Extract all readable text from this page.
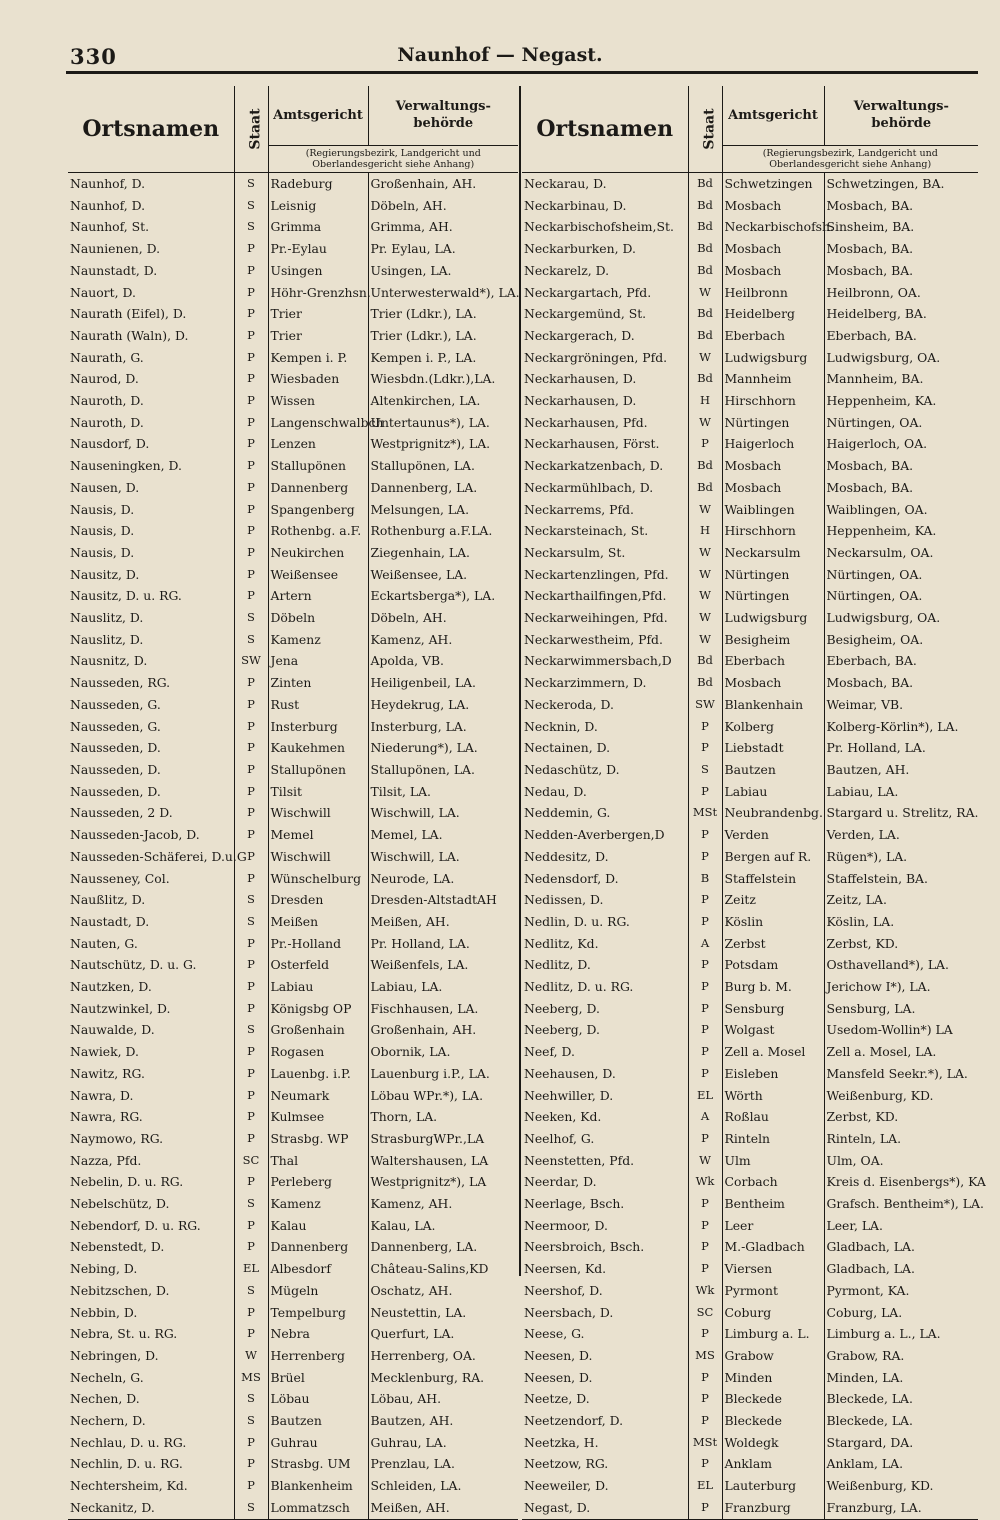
330	Naunhof — Negast.
Ortsnamen	Staat	Amtsgericht	
Verwaltungs-
behörde

(Regierungsbezirk, Landgericht und Oberlandesgericht siehe Anhang)
Naunhof, D.	S	Radeburg	Großenhain, AH.
Naunhof, D.	S	Leisnig	Döbeln, AH.
Naunhof, St.	S	Grimma	Grimma, AH.
Naunienen, D.	P	Pr.-Eylau	Pr. Eylau, LA.
Naunstadt, D.	P	Usingen	Usingen, LA.
Nauort, D.	P	Höhr-Grenzhsn.	Unterwesterwald*), LA.
Naurath (Eifel), D.	P	Trier	Trier (Ldkr.), LA.
Naurath (Waln), D.	P	Trier	Trier (Ldkr.), LA.
Naurath, G.	P	Kempen i. P.	Kempen i. P., LA.
Naurod, D.	P	Wiesbaden	Wiesbdn.(Ldkr.),LA.
Nauroth, D.	P	Wissen	Altenkirchen, LA.
Nauroth, D.	P	Langenschwalbch	Untertaunus*), LA.
Nausdorf, D.	P	Lenzen	Westprignitz*), LA.
Nauseningken, D.	P	Stallupönen	Stallupönen, LA.
Nausen, D.	P	Dannenberg	Dannenberg, LA.
Nausis, D.	P	Spangenberg	Melsungen, LA.
Nausis, D.	P	Rothenbg. a.F.	Rothenburg a.F.LA.
Nausis, D.	P	Neukirchen	Ziegenhain, LA.
Nausitz, D.	P	Weißensee	Weißensee, LA.
Nausitz, D. u. RG.	P	Artern	Eckartsberga*), LA.
Nauslitz, D.	S	Döbeln	Döbeln, AH.
Nauslitz, D.	S	Kamenz	Kamenz, AH.
Nausnitz, D.	SW	Jena	Apolda, VB.
Nausseden, RG.	P	Zinten	Heiligenbeil, LA.
Nausseden, G.	P	Rust	Heydekrug, LA.
Nausseden, G.	P	Insterburg	Insterburg, LA.
Nausseden, D.	P	Kaukehmen	Niederung*), LA.
Nausseden, D.	P	Stallupönen	Stallupönen, LA.
Nausseden, D.	P	Tilsit	Tilsit, LA.
Nausseden, 2 D.	P	Wischwill	Wischwill, LA.
Nausseden-Jacob, D.	P	Memel	Memel, LA.
Nausseden-Schäferei, D.u.G	P	Wischwill	Wischwill, LA.
Nausseney, Col.	P	Wünschelburg	Neurode, LA.
Naußlitz, D.	S	Dresden	Dresden-AltstadtAH
Naustadt, D.	S	Meißen	Meißen, AH.
Nauten, G.	P	Pr.-Holland	Pr. Holland, LA.
Nautschütz, D. u. G.	P	Osterfeld	Weißenfels, LA.
Nautzken, D.	P	Labiau	Labiau, LA.
Nautzwinkel, D.	P	Königsbg OP	Fischhausen, LA.
Nauwalde, D.	S	Großenhain	Großenhain, AH.
Nawiek, D.	P	Rogasen	Obornik, LA.
Nawitz, RG.	P	Lauenbg. i.P.	Lauenburg i.P., LA.
Nawra, D.	P	Neumark	Löbau WPr.*), LA.
Nawra, RG.	P	Kulmsee	Thorn, LA.
Naymowo, RG.	P	Strasbg. WP	StrasburgWPr.,LA
Nazza, Pfd.	SC	Thal	Waltershausen, LA
Nebelin, D. u. RG.	P	Perleberg	Westprignitz*), LA
Nebelschütz, D.	S	Kamenz	Kamenz, AH.
Nebendorf, D. u. RG.	P	Kalau	Kalau, LA.
Nebenstedt, D.	P	Dannenberg	Dannenberg, LA.
Nebing, D.	EL	Albesdorf	Château-Salins,KD
Nebitzschen, D.	S	Mügeln	Oschatz, AH.
Nebbin, D.	P	Tempelburg	Neustettin, LA.
Nebra, St. u. RG.	P	Nebra	Querfurt, LA.
Nebringen, D.	W	Herrenberg	Herrenberg, OA.
Necheln, G.	MS	Brüel	Mecklenburg, RA.
Nechen, D.	S	Löbau	Löbau, AH.
Nechern, D.	S	Bautzen	Bautzen, AH.
Nechlau, D. u. RG.	P	Guhrau	Guhrau, LA.
Nechlin, D. u. RG.	P	Strasbg. UM	Prenzlau, LA.
Nechtersheim, Kd.	P	Blankenheim	Schleiden, LA.
Neckanitz, D.	S	Lommatzsch	Meißen, AH.
Ortsnamen	Staat	Amtsgericht	
Verwaltungs-
behörde

(Regierungsbezirk, Landgericht und Oberlandesgericht siehe Anhang)
Neckarau, D.	Bd	Schwetzingen	Schwetzingen, BA.
Neckarbinau, D.	Bd	Mosbach	Mosbach, BA.
Neckarbischofsheim,St.	Bd	Neckarbischofsh.	Sinsheim, BA.
Neckarburken, D.	Bd	Mosbach	Mosbach, BA.
Neckarelz, D.	Bd	Mosbach	Mosbach, BA.
Neckargartach, Pfd.	W	Heilbronn	Heilbronn, OA.
Neckargemünd, St.	Bd	Heidelberg	Heidelberg, BA.
Neckargerach, D.	Bd	Eberbach	Eberbach, BA.
Neckargröningen, Pfd.	W	Ludwigsburg	Ludwigsburg, OA.
Neckarhausen, D.	Bd	Mannheim	Mannheim, BA.
Neckarhausen, D.	H	Hirschhorn	Heppenheim, KA.
Neckarhausen, Pfd.	W	Nürtingen	Nürtingen, OA.
Neckarhausen, Först.	P	Haigerloch	Haigerloch, OA.
Neckarkatzenbach, D.	Bd	Mosbach	Mosbach, BA.
Neckarmühlbach, D.	Bd	Mosbach	Mosbach, BA.
Neckarrems, Pfd.	W	Waiblingen	Waiblingen, OA.
Neckarsteinach, St.	H	Hirschhorn	Heppenheim, KA.
Neckarsulm, St.	W	Neckarsulm	Neckarsulm, OA.
Neckartenzlingen, Pfd.	W	Nürtingen	Nürtingen, OA.
Neckarthailfingen,Pfd.	W	Nürtingen	Nürtingen, OA.
Neckarweihingen, Pfd.	W	Ludwigsburg	Ludwigsburg, OA.
Neckarwestheim, Pfd.	W	Besigheim	Besigheim, OA.
Neckarwimmersbach,D	Bd	Eberbach	Eberbach, BA.
Neckarzimmern, D.	Bd	Mosbach	Mosbach, BA.
Neckeroda, D.	SW	Blankenhain	Weimar, VB.
Necknin, D.	P	Kolberg	Kolberg-Körlin*), LA.
Nectainen, D.	P	Liebstadt	Pr. Holland, LA.
Nedaschütz, D.	S	Bautzen	Bautzen, AH.
Nedau, D.	P	Labiau	Labiau, LA.
Neddemin, G.	MSt	Neubrandenbg.	Stargard u. Strelitz, RA.
Nedden-Averbergen,D	P	Verden	Verden, LA.
Neddesitz, D.	P	Bergen auf R.	Rügen*), LA.
Nedensdorf, D.	B	Staffelstein	Staffelstein, BA.
Nedissen, D.	P	Zeitz	Zeitz, LA.
Nedlin, D. u. RG.	P	Köslin	Köslin, LA.
Nedlitz, Kd.	A	Zerbst	Zerbst, KD.
Nedlitz, D.	P	Potsdam	Osthavelland*), LA.
Nedlitz, D. u. RG.	P	Burg b. M.	Jerichow I*), LA.
Neeberg, D.	P	Sensburg	Sensburg, LA.
Neeberg, D.	P	Wolgast	Usedom-Wollin*) LA
Neef, D.	P	Zell a. Mosel	Zell a. Mosel, LA.
Neehausen, D.	P	Eisleben	Mansfeld Seekr.*), LA.
Neehwiller, D.	EL	Wörth	Weißenburg, KD.
Neeken, Kd.	A	Roßlau	Zerbst, KD.
Neelhof, G.	P	Rinteln	Rinteln, LA.
Neenstetten, Pfd.	W	Ulm	Ulm, OA.
Neerdar, D.	Wk	Corbach	Kreis d. Eisenbergs*), KA
Neerlage, Bsch.	P	Bentheim	Grafsch. Bentheim*), LA.
Neermoor, D.	P	Leer	Leer, LA.
Neersbroich, Bsch.	P	M.-Gladbach	Gladbach, LA.
Neersen, Kd.	P	Viersen	Gladbach, LA.
Neershof, D.	Wk	Pyrmont	Pyrmont, KA.
Neersbach, D.	SC	Coburg	Coburg, LA.
Neese, G.	P	Limburg a. L.	Limburg a. L., LA.
Neesen, D.	MS	Grabow	Grabow, RA.
Neesen, D.	P	Minden	Minden, LA.
Neetze, D.	P	Bleckede	Bleckede, LA.
Neetzendorf, D.	P	Bleckede	Bleckede, LA.
Neetzka, H.	MSt	Woldegk	Stargard, DA.
Neetzow, RG.	P	Anklam	Anklam, LA.
Neeweiler, D.	EL	Lauterburg	Weißenburg, KD.
Negast, D.	P	Franzburg	Franzburg, LA.
